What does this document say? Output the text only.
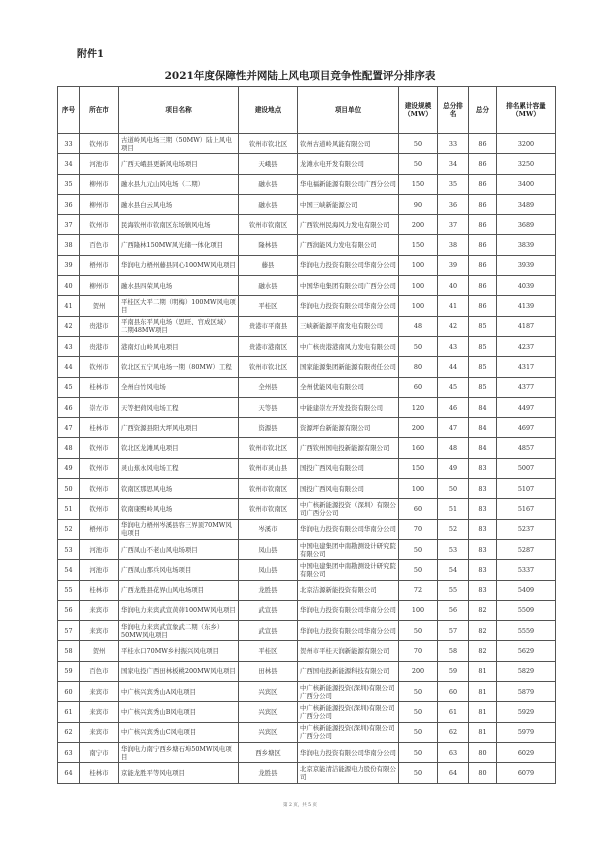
附件1
2021年度保障性并网陆上风电项目竞争性配置评分排序表
序号	所在市	项目名称	建设地点	项目单位	建设规模（MW）	总分排名	总分	排名累计容量（MW）
33	钦州市	古道岭风电场三期（50MW）陆上风电项目	钦州市钦北区	钦州古道岭风能有限公司	50	33	86	3200
34	河池市	广西天峨县更新风电场项目	天峨县	龙滩水电开发有限公司	50	34	86	3250
35	柳州市	融水县九元山风电场（二期）	融水县	华电福新能源有限公司广西分公司	150	35	86	3400
36	柳州市	融水县白云风电场	融水县	中国三峡新能源公司	90	36	86	3489
37	钦州市	民海钦州市钦南区东场镇风电场	钦州市钦南区	广西钦州民海风力发电有限公司	200	37	86	3689
38	百色市	广西隆林150MW风光储一体化项目	隆林县	广西润能风力发电有限公司	150	38	86	3839
39	梧州市	华润电力梧州藤县同心100MW风电项目	藤县	华润电力投资有限公司华南分公司	100	39	86	3939
40	柳州市	融水县四荣风电场	融水县	中国华电集团有限公司广西分公司	100	40	86	4039
41	贺州	平桂区大平二期（明梅）100MW风电项目	平桂区	华润电力投资有限公司华南分公司	100	41	86	4139
42	贵港市	平南县东平风电场（思旺、官成区域）二期48MW项目	贵港市平南县	三峡新能源平南发电有限公司	48	42	85	4187
43	贵港市	港南灯山岭风电项目	贵港市港南区	中广核贵港港南风力发电有限公司	50	43	85	4237
44	钦州市	钦北区五宁风电场一期（80MW）工程	钦州市钦北区	国家能源集团新能源有限责任公司	80	44	85	4317
45	桂林市	全州白竹风电场	全州县	全州优能风电有限公司	60	45	85	4377
46	崇左市	天等把荷风电场工程	天等县	中能建崇左开发投资有限公司	120	46	84	4497
47	桂林市	广西资源县阳大坪风电项目	资源县	资源坪台新能源有限公司	200	47	84	4697
48	钦州市	钦北区龙滩风电项目	钦州市钦北区	广西钦州国电投新能源有限公司	160	48	84	4857
49	钦州市	灵山蕉永风电场工程	钦州市灵山县	国投广西风电有限公司	150	49	83	5007
50	钦州市	钦南区那思风电场	钦州市钦南区	国投广西风电有限公司	100	50	83	5107
51	钦州市	钦南康熙岭风电场	钦州市钦南区	中广核新能源投资（深圳）有限公司广西分公司	60	51	83	5167
52	梧州市	华润电力梧州岑溪县容三界顶70MW风电项目	岑溪市	华润电力投资有限公司华南分公司	70	52	83	5237
53	河池市	广西凤山不老山风电场项目	凤山县	中国电建集团中南勘测设计研究院有限公司	50	53	83	5287
54	河池市	广西凤山那兵风电场项目	凤山县	中国电建集团中南勘测设计研究院有限公司	50	54	83	5337
55	桂林市	广西龙胜县花界山风电场项目	龙胜县	北京洁源新能投资有限公司	72	55	83	5409
56	来宾市	华润电力来宾武宣黄茆100MW风电项目	武宣县	华润电力投资有限公司华南分公司	100	56	82	5509
57	来宾市	华润电力来宾武宣象武二期（东乡）50MW风电项目	武宣县	华润电力投资有限公司华南分公司	50	57	82	5559
58	贺州	平桂水口70MW乡村振兴风电项目	平桂区	贺州市平桂天润新能源有限公司	70	58	82	5629
59	百色市	国家电投广西田林板桃200MW风电项目	田林县	广西国电投新能源科技有限公司	200	59	81	5829
60	来宾市	中广核兴宾秀山A风电项目	兴宾区	中广核新能源投资(深圳)有限公司广西分公司	50	60	81	5879
61	来宾市	中广核兴宾秀山B风电项目	兴宾区	中广核新能源投资(深圳)有限公司广西分公司	50	61	81	5929
62	来宾市	中广核兴宾秀山C风电项目	兴宾区	中广核新能源投资(深圳)有限公司广西分公司	50	62	81	5979
63	南宁市	华润电力南宁西乡塘石埠50MW风电项目	西乡塘区	华润电力投资有限公司华南分公司	50	63	80	6029
64	桂林市	京能龙胜平等风电项目	龙胜县	北京京能清洁能源电力股份有限公司	50	64	80	6079
第 2 页，共 5 页
